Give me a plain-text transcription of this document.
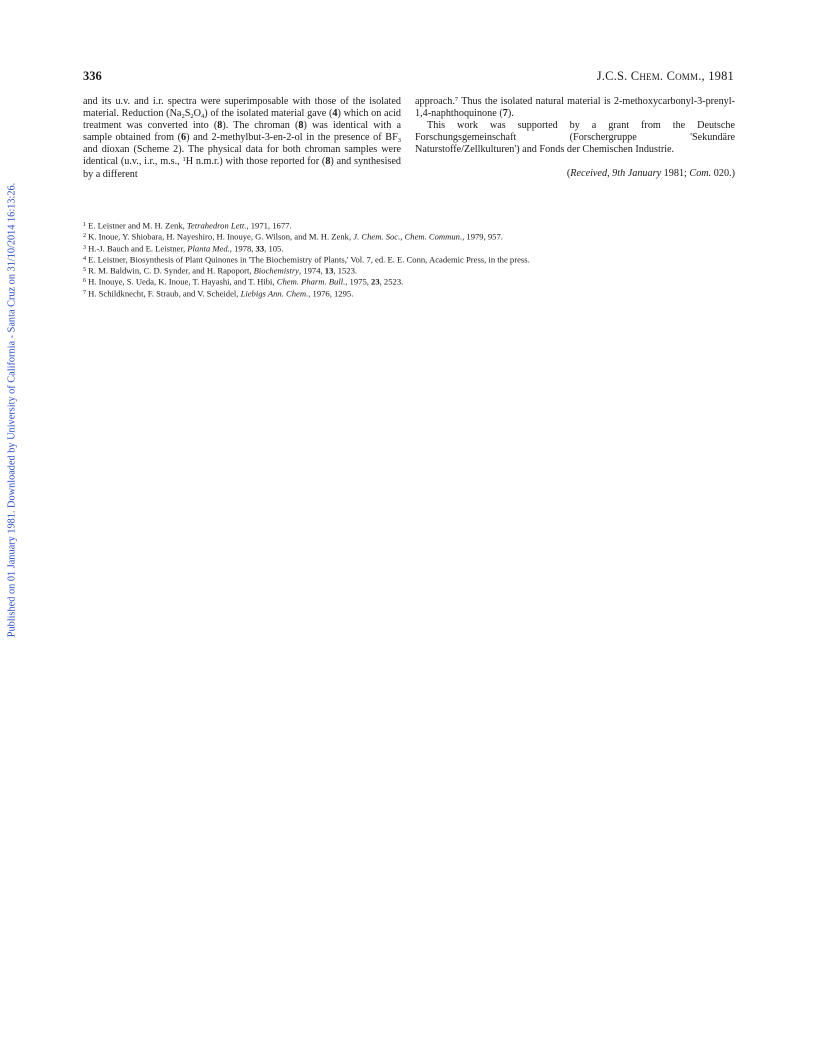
Published on 01 January 1981. Downloaded by University of California - Santa Cruz on 31/10/2014 16:13:26.
336	J.C.S. Chem. Comm., 1981

and its u.v. and i.r. spectra were superimposable with those of the isolated material. Reduction $(Na_2S_2O_4)$ of the isolated material gave (4) which on acid treatment was converted into (8). The chroman (8) was identical with a sample obtained from (6) and 2-methylbut-3-en-2-ol in the presence of $BF_3$ and dioxan (Scheme 2). The physical data for both chroman samples were identical (u.v., i.r., m.s., $^1$H n.m.r.) with those reported for (8) and synthesised by a different

approach.$^7$ Thus the isolated natural material is 2-methoxycarbonyl-3-prenyl-1,4-naphthoquinone (7).

This work was supported by a grant from the Deutsche Forschungsgemeinschaft (Forschergruppe 'Sekundäre Naturstoffe/Zellkulturen') and Fonds der Chemischen Industrie.

(Received, 9th January 1981; Com. 020.)

$^1$ E. Leistner and M. H. Zenk, Tetrahedron Lett., 1971, 1677.
$^2$ K. Inoue, Y. Shiobara, H. Nayeshiro, H. Inouye, G. Wilson, and M. H. Zenk, J. Chem. Soc., Chem. Commun., 1979, 957.
$^3$ H.-J. Bauch and E. Leistner, Planta Med., 1978, 33, 105.
$^4$ E. Leistner, Biosynthesis of Plant Quinones in 'The Biochemistry of Plants,' Vol. 7, ed. E. E. Conn, Academic Press, in the press.
$^5$ R. M. Baldwin, C. D. Synder, and H. Rapoport, Biochemistry, 1974, 13, 1523.
$^6$ H. Inouye, S. Ueda, K. Inoue, T. Hayashi, and T. Hibi, Chem. Pharm. Bull., 1975, 23, 2523.
$^7$ H. Schildknecht, F. Straub, and V. Scheidel, Liebigs Ann. Chem., 1976, 1295.
